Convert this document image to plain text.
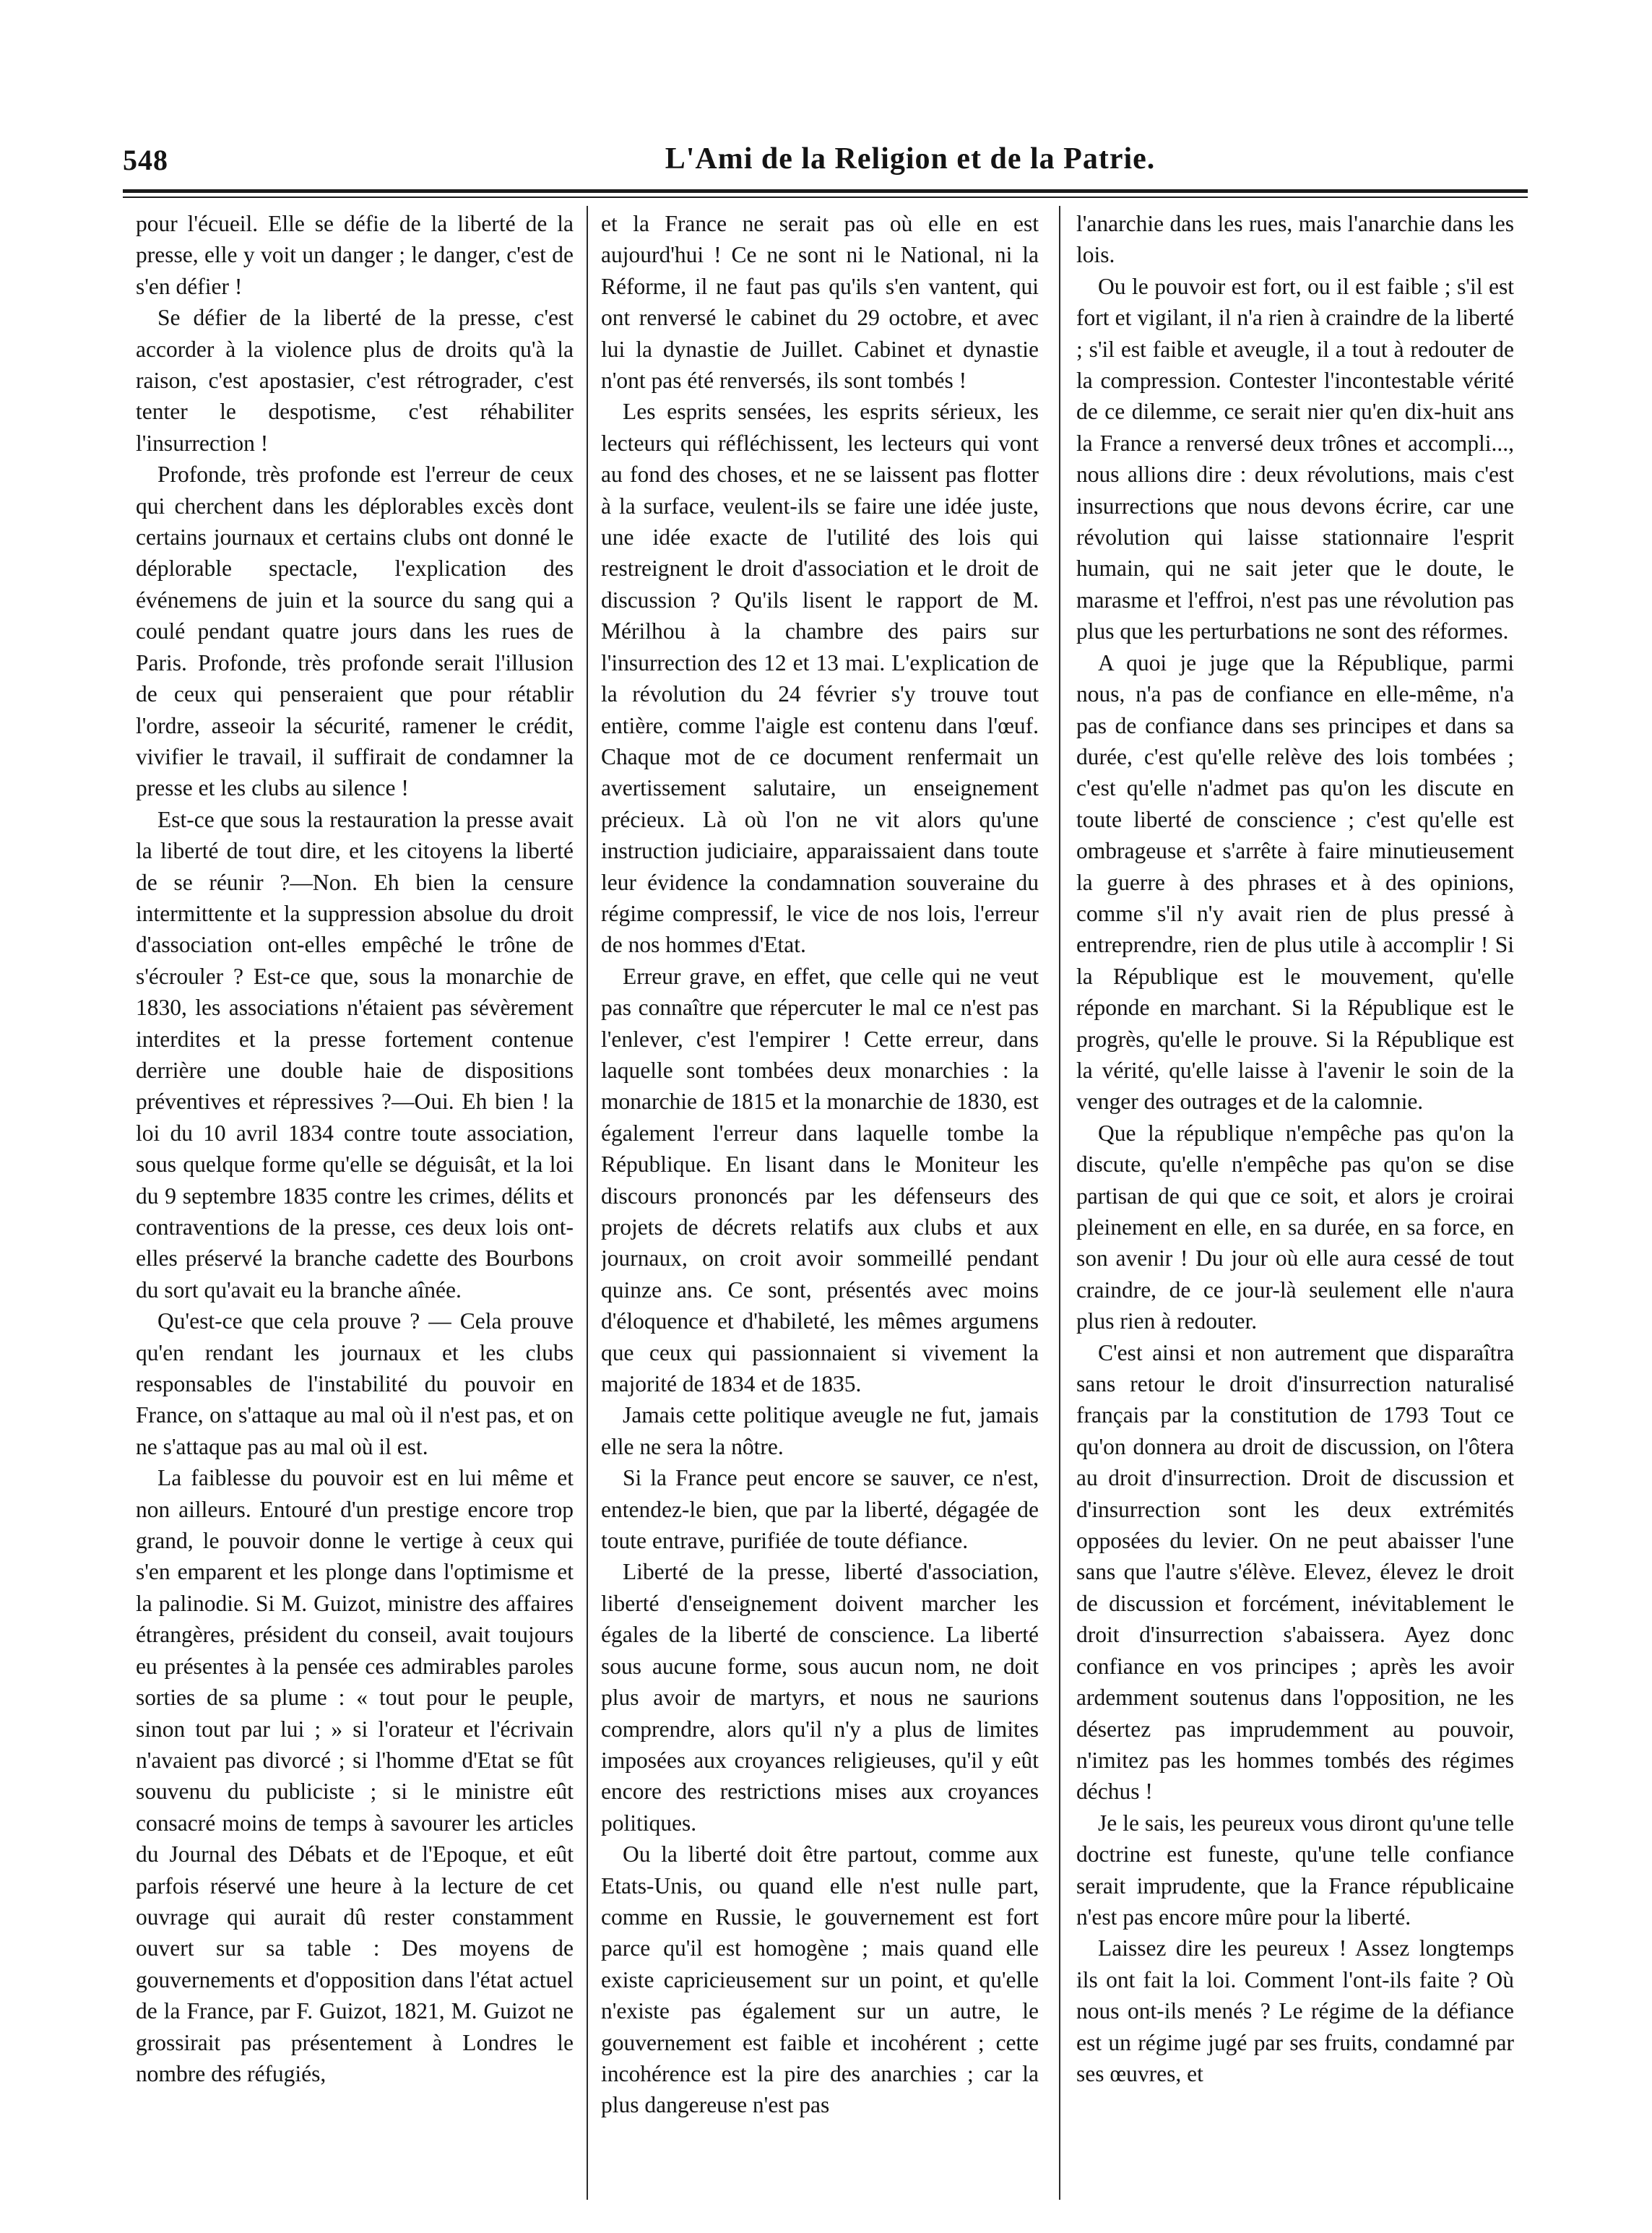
548	L'Ami de la Religion et de la Patrie.

pour l'écueil. Elle se défie de la liberté de la presse, elle y voit un danger ; le danger, c'est de s'en défier !

Se défier de la liberté de la presse, c'est accorder à la violence plus de droits qu'à la raison, c'est apostasier, c'est rétrograder, c'est tenter le despotisme, c'est réhabiliter l'insurrection !

Profonde, très profonde est l'erreur de ceux qui cherchent dans les déplorables excès dont certains journaux et certains clubs ont donné le déplorable spectacle, l'explication des événemens de juin et la source du sang qui a coulé pendant quatre jours dans les rues de Paris. Profonde, très profonde serait l'illusion de ceux qui penseraient que pour rétablir l'ordre, asseoir la sécurité, ramener le crédit, vivifier le travail, il suffirait de condamner la presse et les clubs au silence !

Est-ce que sous la restauration la presse avait la liberté de tout dire, et les citoyens la liberté de se réunir ?—Non. Eh bien la censure intermittente et la suppression absolue du droit d'association ont-elles empêché le trône de s'écrouler ? Est-ce que, sous la monarchie de 1830, les associations n'étaient pas sévèrement interdites et la presse fortement contenue derrière une double haie de dispositions préventives et répressives ?—Oui. Eh bien ! la loi du 10 avril 1834 contre toute association, sous quelque forme qu'elle se déguisât, et la loi du 9 septembre 1835 contre les crimes, délits et contraventions de la presse, ces deux lois ont-elles préservé la branche cadette des Bourbons du sort qu'avait eu la branche aînée.

Qu'est-ce que cela prouve ? — Cela prouve qu'en rendant les journaux et les clubs responsables de l'instabilité du pouvoir en France, on s'attaque au mal où il n'est pas, et on ne s'attaque pas au mal où il est.

La faiblesse du pouvoir est en lui même et non ailleurs. Entouré d'un prestige encore trop grand, le pouvoir donne le vertige à ceux qui s'en emparent et les plonge dans l'optimisme et la palinodie. Si M. Guizot, ministre des affaires étrangères, président du conseil, avait toujours eu présentes à la pensée ces admirables paroles sorties de sa plume : « tout pour le peuple, sinon tout par lui ; » si l'orateur et l'écrivain n'avaient pas divorcé ; si l'homme d'Etat se fût souvenu du publiciste ; si le ministre eût consacré moins de temps à savourer les articles du Journal des Débats et de l'Epoque, et eût parfois réservé une heure à la lecture de cet ouvrage qui aurait dû rester constamment ouvert sur sa table : Des moyens de gouvernements et d'opposition dans l'état actuel de la France, par F. Guizot, 1821, M. Guizot ne grossirait pas présentement à Londres le nombre des réfugiés,

et la France ne serait pas où elle en est aujourd'hui ! Ce ne sont ni le National, ni la Réforme, il ne faut pas qu'ils s'en vantent, qui ont renversé le cabinet du 29 octobre, et avec lui la dynastie de Juillet. Cabinet et dynastie n'ont pas été renversés, ils sont tombés !

Les esprits sensées, les esprits sérieux, les lecteurs qui réfléchissent, les lecteurs qui vont au fond des choses, et ne se laissent pas flotter à la surface, veulent-ils se faire une idée juste, une idée exacte de l'utilité des lois qui restreignent le droit d'association et le droit de discussion ? Qu'ils lisent le rapport de M. Mérilhou à la chambre des pairs sur l'insurrection des 12 et 13 mai. L'explication de la révolution du 24 février s'y trouve tout entière, comme l'aigle est contenu dans l'œuf. Chaque mot de ce document renfermait un avertissement salutaire, un enseignement précieux. Là où l'on ne vit alors qu'une instruction judiciaire, apparaissaient dans toute leur évidence la condamnation souveraine du régime compressif, le vice de nos lois, l'erreur de nos hommes d'Etat.

Erreur grave, en effet, que celle qui ne veut pas connaître que répercuter le mal ce n'est pas l'enlever, c'est l'empirer ! Cette erreur, dans laquelle sont tombées deux monarchies : la monarchie de 1815 et la monarchie de 1830, est également l'erreur dans laquelle tombe la République. En lisant dans le Moniteur les discours prononcés par les défenseurs des projets de décrets relatifs aux clubs et aux journaux, on croit avoir sommeillé pendant quinze ans. Ce sont, présentés avec moins d'éloquence et d'habileté, les mêmes argumens que ceux qui passionnaient si vivement la majorité de 1834 et de 1835.

Jamais cette politique aveugle ne fut, jamais elle ne sera la nôtre.

Si la France peut encore se sauver, ce n'est, entendez-le bien, que par la liberté, dégagée de toute entrave, purifiée de toute défiance.

Liberté de la presse, liberté d'association, liberté d'enseignement doivent marcher les égales de la liberté de conscience. La liberté sous aucune forme, sous aucun nom, ne doit plus avoir de martyrs, et nous ne saurions comprendre, alors qu'il n'y a plus de limites imposées aux croyances religieuses, qu'il y eût encore des restrictions mises aux croyances politiques.

Ou la liberté doit être partout, comme aux Etats-Unis, ou quand elle n'est nulle part, comme en Russie, le gouvernement est fort parce qu'il est homogène ; mais quand elle existe capricieusement sur un point, et qu'elle n'existe pas également sur un autre, le gouvernement est faible et incohérent ; cette incohérence est la pire des anarchies ; car la plus dangereuse n'est pas

l'anarchie dans les rues, mais l'anarchie dans les lois.

Ou le pouvoir est fort, ou il est faible ; s'il est fort et vigilant, il n'a rien à craindre de la liberté ; s'il est faible et aveugle, il a tout à redouter de la compression. Contester l'incontestable vérité de ce dilemme, ce serait nier qu'en dix-huit ans la France a renversé deux trônes et accompli..., nous allions dire : deux révolutions, mais c'est insurrections que nous devons écrire, car une révolution qui laisse stationnaire l'esprit humain, qui ne sait jeter que le doute, le marasme et l'effroi, n'est pas une révolution pas plus que les perturbations ne sont des réformes.

A quoi je juge que la République, parmi nous, n'a pas de confiance en elle-même, n'a pas de confiance dans ses principes et dans sa durée, c'est qu'elle relève des lois tombées ; c'est qu'elle n'admet pas qu'on les discute en toute liberté de conscience ; c'est qu'elle est ombrageuse et s'arrête à faire minutieusement la guerre à des phrases et à des opinions, comme s'il n'y avait rien de plus pressé à entreprendre, rien de plus utile à accomplir ! Si la République est le mouvement, qu'elle réponde en marchant. Si la République est le progrès, qu'elle le prouve. Si la République est la vérité, qu'elle laisse à l'avenir le soin de la venger des outrages et de la calomnie.

Que la république n'empêche pas qu'on la discute, qu'elle n'empêche pas qu'on se dise partisan de qui que ce soit, et alors je croirai pleinement en elle, en sa durée, en sa force, en son avenir ! Du jour où elle aura cessé de tout craindre, de ce jour-là seulement elle n'aura plus rien à redouter.

C'est ainsi et non autrement que disparaîtra sans retour le droit d'insurrection naturalisé français par la constitution de 1793 Tout ce qu'on donnera au droit de discussion, on l'ôtera au droit d'insurrection. Droit de discussion et d'insurrection sont les deux extrémités opposées du levier. On ne peut abaisser l'une sans que l'autre s'élève. Elevez, élevez le droit de discussion et forcément, inévitablement le droit d'insurrection s'abaissera. Ayez donc confiance en vos principes ; après les avoir ardemment soutenus dans l'opposition, ne les désertez pas imprudemment au pouvoir, n'imitez pas les hommes tombés des régimes déchus !

Je le sais, les peureux vous diront qu'une telle doctrine est funeste, qu'une telle confiance serait imprudente, que la France républicaine n'est pas encore mûre pour la liberté.

Laissez dire les peureux ! Assez longtemps ils ont fait la loi. Comment l'ont-ils faite ? Où nous ont-ils menés ? Le régime de la défiance est un régime jugé par ses fruits, condamné par ses œuvres, et
